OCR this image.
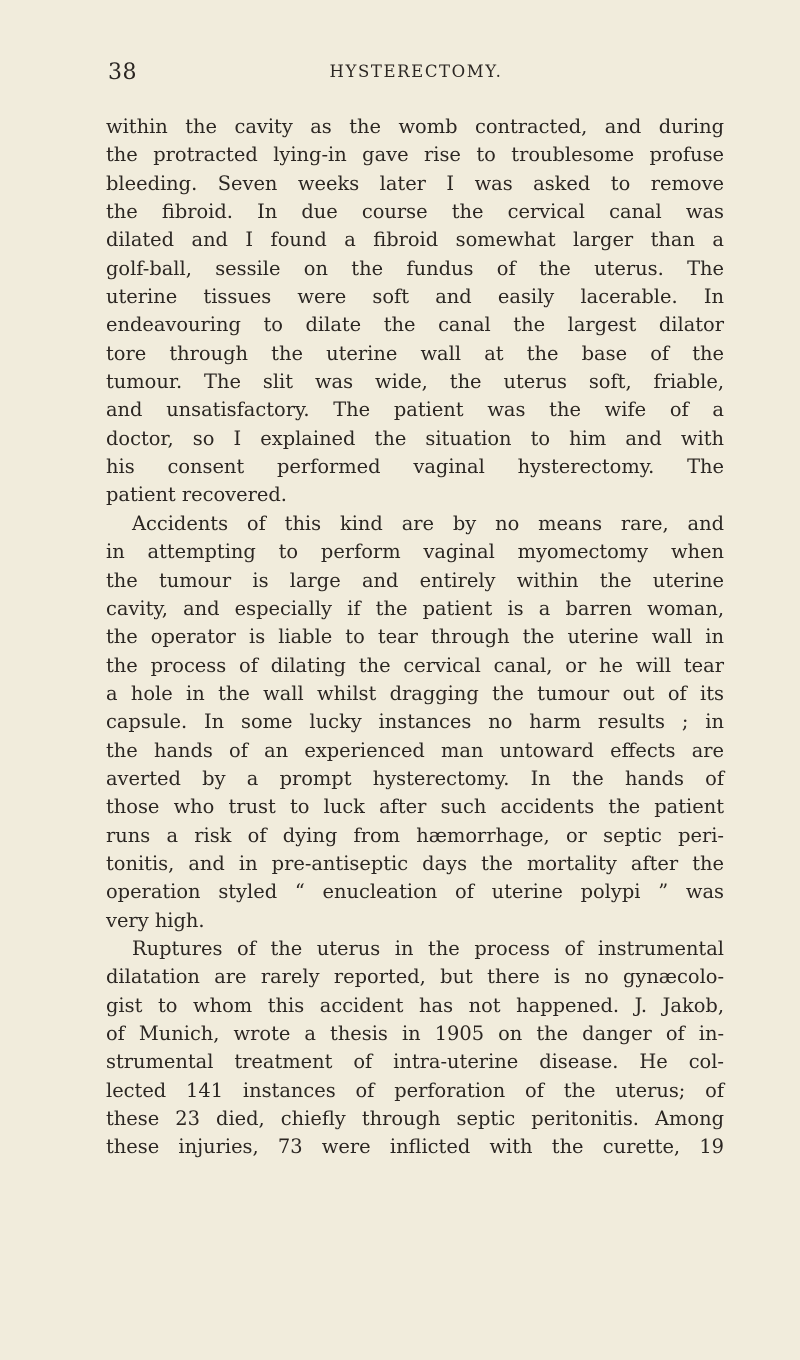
38	HYSTERECTOMY.
within the cavity as the womb contracted, and during
the protracted lying-in gave rise to troublesome profuse
bleeding. Seven weeks later I was asked to remove
the fibroid. In due course the cervical canal was
dilated and I found a fibroid somewhat larger than a
golf-ball, sessile on the fundus of the uterus. The
uterine tissues were soft and easily lacerable. In
endeavouring to dilate the canal the largest dilator
tore through the uterine wall at the base of the
tumour. The slit was wide, the uterus soft, friable,
and unsatisfactory. The patient was the wife of a
doctor, so I explained the situation to him and with
his consent performed vaginal hysterectomy. The
patient recovered.
Accidents of this kind are by no means rare, and
in attempting to perform vaginal myomectomy when
the tumour is large and entirely within the uterine
cavity, and especially if the patient is a barren woman,
the operator is liable to tear through the uterine wall in
the process of dilating the cervical canal, or he will tear
a hole in the wall whilst dragging the tumour out of its
capsule. In some lucky instances no harm results ; in
the hands of an experienced man untoward effects are
averted by a prompt hysterectomy. In the hands of
those who trust to luck after such accidents the patient
runs a risk of dying from hæmorrhage, or septic peri-
tonitis, and in pre-antiseptic days the mortality after the
operation styled “ enucleation of uterine polypi ” was
very high.
Ruptures of the uterus in the process of instrumental
dilatation are rarely reported, but there is no gynæcolo-
gist to whom this accident has not happened. J. Jakob,
of Munich, wrote a thesis in 1905 on the danger of in-
strumental treatment of intra-uterine disease. He col-
lected 141 instances of perforation of the uterus; of
these 23 died, chiefly through septic peritonitis. Among
these injuries, 73 were inflicted with the curette, 19
